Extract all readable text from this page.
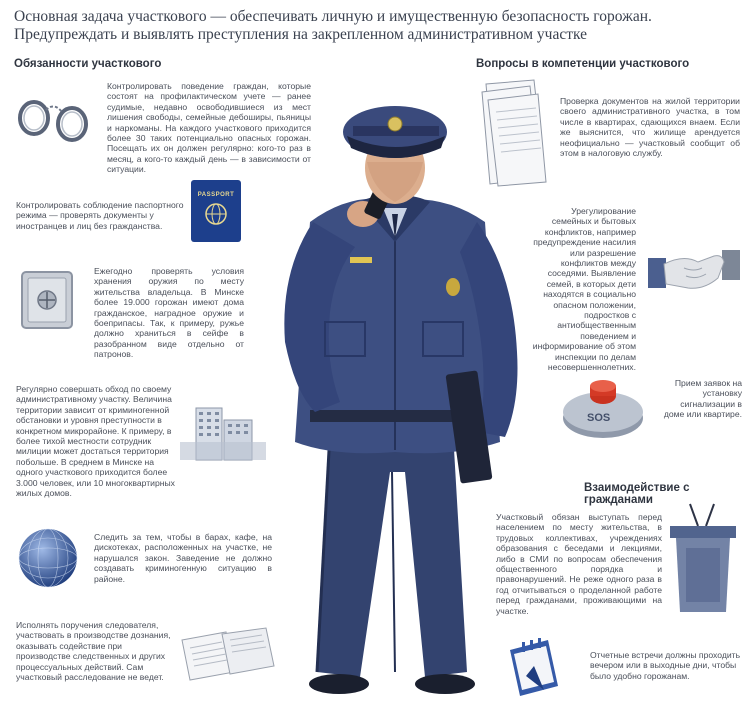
Основная задача участкового — обеспечивать личную и имущественную безопасность горожан. Предупреждать и выявлять преступления на закрепленном административном участке
Обязанности участкового
Контролировать поведение граждан, которые состоят на профилактическом учете — ранее судимые, недавно освободившиеся из мест лишения свободы, семейные дебоширы, пьяницы и наркоманы. На каждого участкового приходится более 30 таких потенциально опасных горожан. Посещать их он должен регулярно: кого-то раз в месяц, а кого-то каждый день — в зависимости от ситуации.
Контролировать соблюдение паспортного режима — проверять документы у иностранцев и лиц без гражданства.
PASSPORT
Ежегодно проверять условия хранения оружия по месту жительства владельца. В Минске более 19.000 горожан имеют дома гражданское, наградное оружие и боеприпасы. Так, к примеру, ружье должно храниться в сейфе в разобранном виде отдельно от патронов.
Регулярно совершать обход по своему административному участку. Величина территории зависит от криминогенной обстановки и уровня преступности в конкретном микрорайоне. К примеру, в более тихой местности сотрудник милиции может достаться территория побольше. В среднем в Минске на одного участкового приходится более 3.000 человек, или 10 многоквартирных жилых домов.
Следить за тем, чтобы в барах, кафе, на дискотеках, расположенных на участке, не нарушался закон. Заведение не должно создавать криминогенную ситуацию в районе.
Исполнять поручения следователя, участвовать в производстве дознания, оказывать содействие при производстве следственных и других процессуальных действий. Сам участковый расследование не ведет.
Вопросы в компетенции участкового
Проверка документов на жилой территории своего административного участка, в том числе в квартирах, сдающихся внаем. Если же выяснится, что жилище арендуется неофициально — участковый сообщит об этом в налоговую службу.
Урегулирование семейных и бытовых конфликтов, например предупреждение насилия или разрешение конфликтов между соседями. Выявление семей, в которых дети находятся в социально опасном положении, подростков с антиобщественным поведением и информирование об этом инспекции по делам несовершеннолетних.
SOS
Прием заявок на установку сигнализации в доме или квартире.
Взаимодействие с гражданами
Участковый обязан выступать перед населением по месту жительства, в трудовых коллективах, учреждениях образования с беседами и лекциями, либо в СМИ по вопросам обеспечения общественного порядка и правонарушений. Не реже одного раза в год отчитываться о проделанной работе перед гражданами, проживающими на участке.
Отчетные встречи должны проходить вечером или в выходные дни, чтобы было удобно горожанам.
